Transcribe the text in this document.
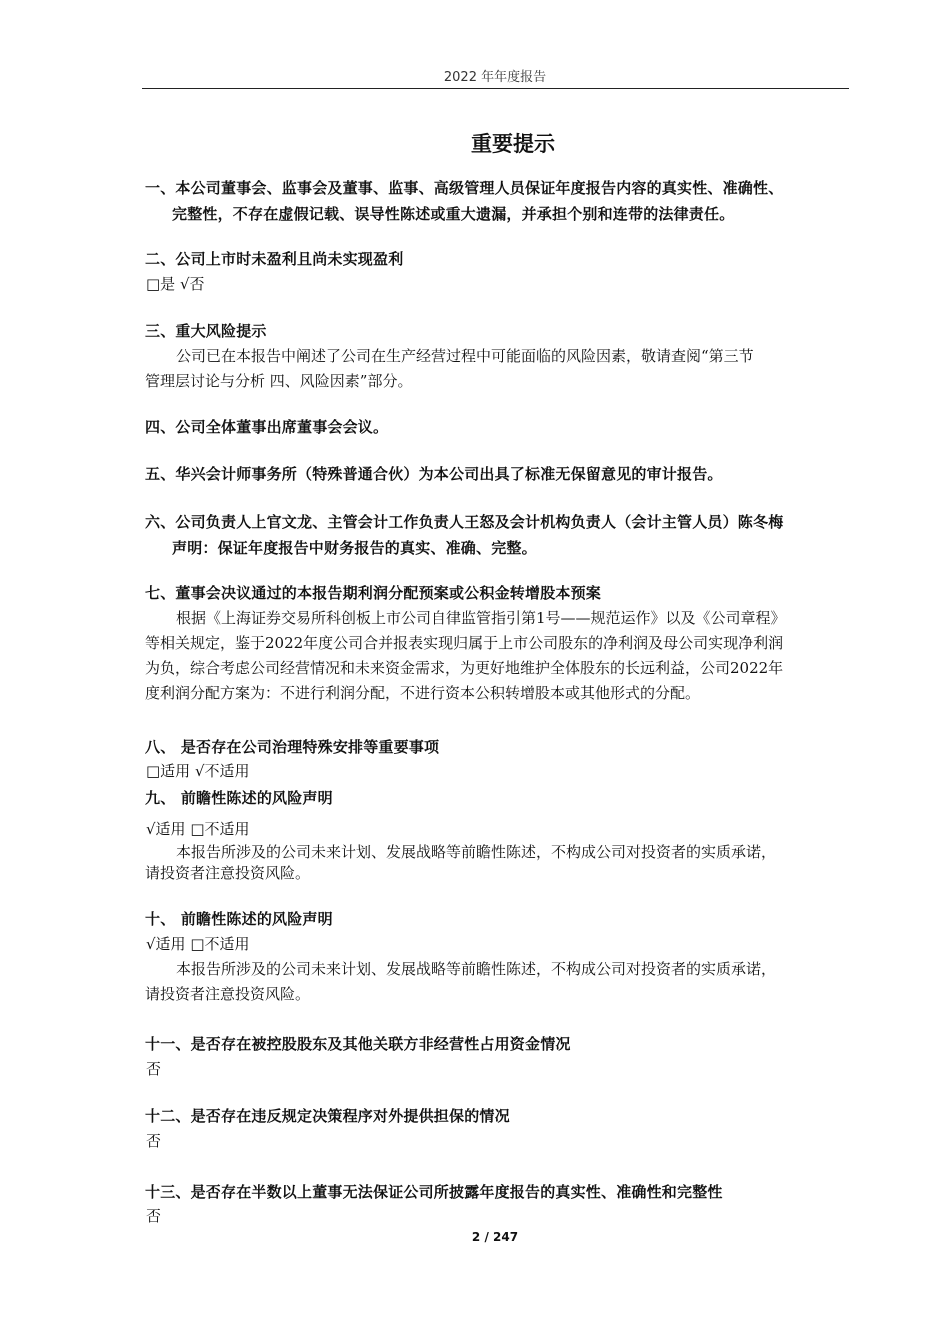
2022 年年度报告
重要提示
一、本公司董事会、监事会及董事、监事、高级管理人员保证年度报告内容的真实性、准确性、
完整性，不存在虚假记载、误导性陈述或重大遗漏，并承担个别和连带的法律责任。
二、公司上市时未盈利且尚未实现盈利
□是 √否
三、重大风险提示
公司已在本报告中阐述了公司在生产经营过程中可能面临的风险因素，敬请查阅“第三节
管理层讨论与分析 四、风险因素”部分。
四、公司全体董事出席董事会会议。
五、华兴会计师事务所（特殊普通合伙）为本公司出具了标准无保留意见的审计报告。
六、公司负责人上官文龙、主管会计工作负责人王怒及会计机构负责人（会计主管人员）陈冬梅
声明：保证年度报告中财务报告的真实、准确、完整。
七、董事会决议通过的本报告期利润分配预案或公积金转增股本预案
根据《上海证券交易所科创板上市公司自律监管指引第1号——规范运作》以及《公司章程》
等相关规定，鉴于2022年度公司合并报表实现归属于上市公司股东的净利润及母公司实现净利润
为负，综合考虑公司经营情况和未来资金需求，为更好地维护全体股东的长远利益，公司2022年
度利润分配方案为：不进行利润分配，不进行资本公积转增股本或其他形式的分配。
八、 是否存在公司治理特殊安排等重要事项
□适用 √不适用
九、 前瞻性陈述的风险声明
√适用 □不适用
本报告所涉及的公司未来计划、发展战略等前瞻性陈述，不构成公司对投资者的实质承诺，
请投资者注意投资风险。
十、 前瞻性陈述的风险声明
√适用 □不适用
本报告所涉及的公司未来计划、发展战略等前瞻性陈述，不构成公司对投资者的实质承诺，
请投资者注意投资风险。
十一、是否存在被控股股东及其他关联方非经营性占用资金情况
否
十二、是否存在违反规定决策程序对外提供担保的情况
否
十三、是否存在半数以上董事无法保证公司所披露年度报告的真实性、准确性和完整性
否
2 / 247
